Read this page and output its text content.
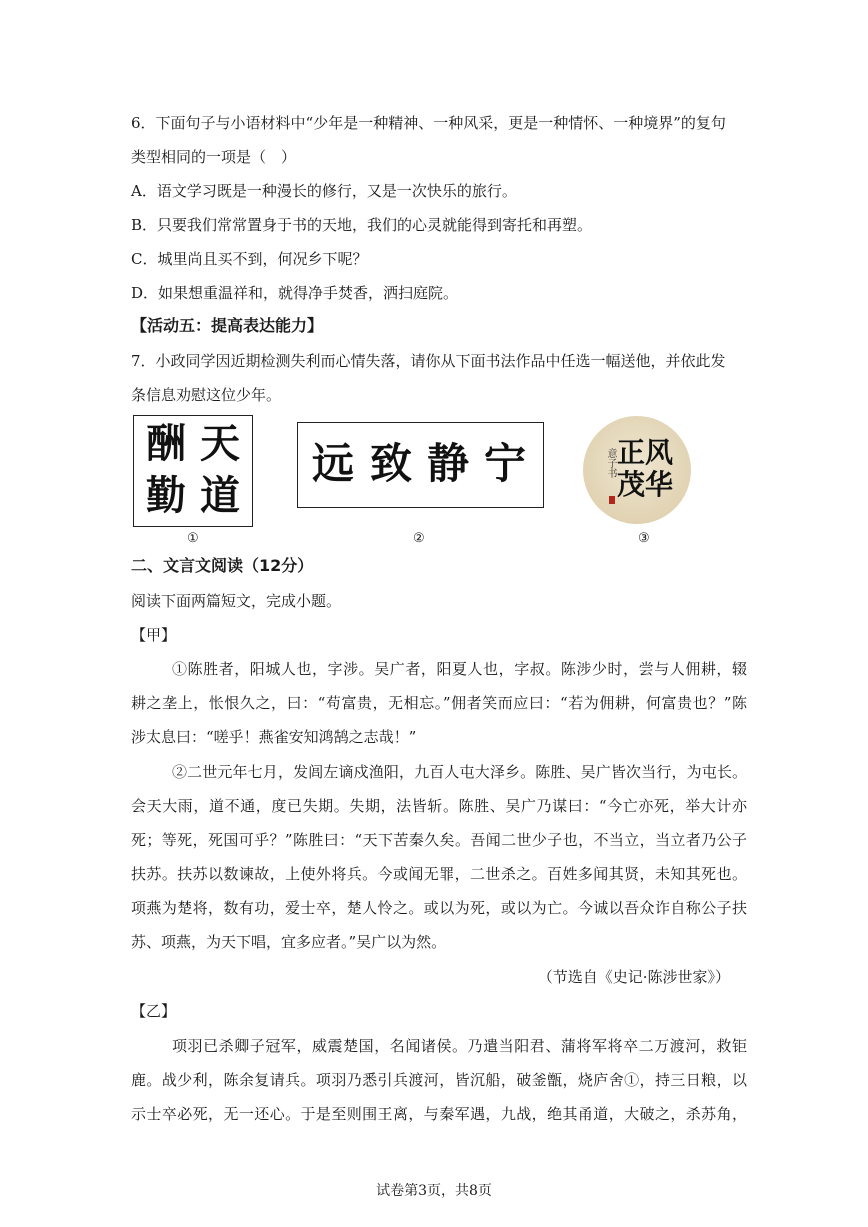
6．下面句子与小语材料中“少年是一种精神、一种风采，更是一种情怀、一种境界”的复句
类型相同的一项是（　）
A．语文学习既是一种漫长的修行，又是一次快乐的旅行。
B．只要我们常常置身于书的天地，我们的心灵就能得到寄托和再塑。
C．城里尚且买不到，何况乡下呢？
D．如果想重温祥和，就得净手焚香，洒扫庭院。
【活动五：提高表达能力】
7．小政同学因近期检测失利而心情失落，请你从下面书法作品中任选一幅送他，并依此发
条信息劝慰这位少年。
天
道
酬
勤
宁
静
致
远	风
华
正
茂
意子书
①	②	③
二、文言文阅读（12分）
阅读下面两篇短文，完成小题。
【甲】
①陈胜者，阳城人也，字涉。吴广者，阳夏人也，字叔。陈涉少时，尝与人佣耕，辍
耕之垄上，怅恨久之，曰：“苟富贵，无相忘。”佣者笑而应曰：“若为佣耕，何富贵也？”陈
涉太息曰：“嗟乎！燕雀安知鸿鹄之志哉！”
②二世元年七月，发闾左谪戍渔阳，九百人屯大泽乡。陈胜、吴广皆次当行，为屯长。
会天大雨，道不通，度已失期。失期，法皆斩。陈胜、吴广乃谋曰：“今亡亦死，举大计亦
死；等死，死国可乎？”陈胜曰：“天下苦秦久矣。吾闻二世少子也，不当立，当立者乃公子
扶苏。扶苏以数谏故，上使外将兵。今或闻无罪，二世杀之。百姓多闻其贤，未知其死也。
项燕为楚将，数有功，爱士卒，楚人怜之。或以为死，或以为亡。今诚以吾众诈自称公子扶
苏、项燕，为天下唱，宜多应者。”吴广以为然。
（节选自《史记·陈涉世家》）
【乙】
项羽已杀卿子冠军，威震楚国，名闻诸侯。乃遣当阳君、蒲将军将卒二万渡河，救钜
鹿。战少利，陈余复请兵。项羽乃悉引兵渡河，皆沉船，破釜甑，烧庐舍①，持三日粮，以
示士卒必死，无一还心。于是至则围王离，与秦军遇，九战，绝其甬道，大破之，杀苏角，
试卷第3页，共8页
